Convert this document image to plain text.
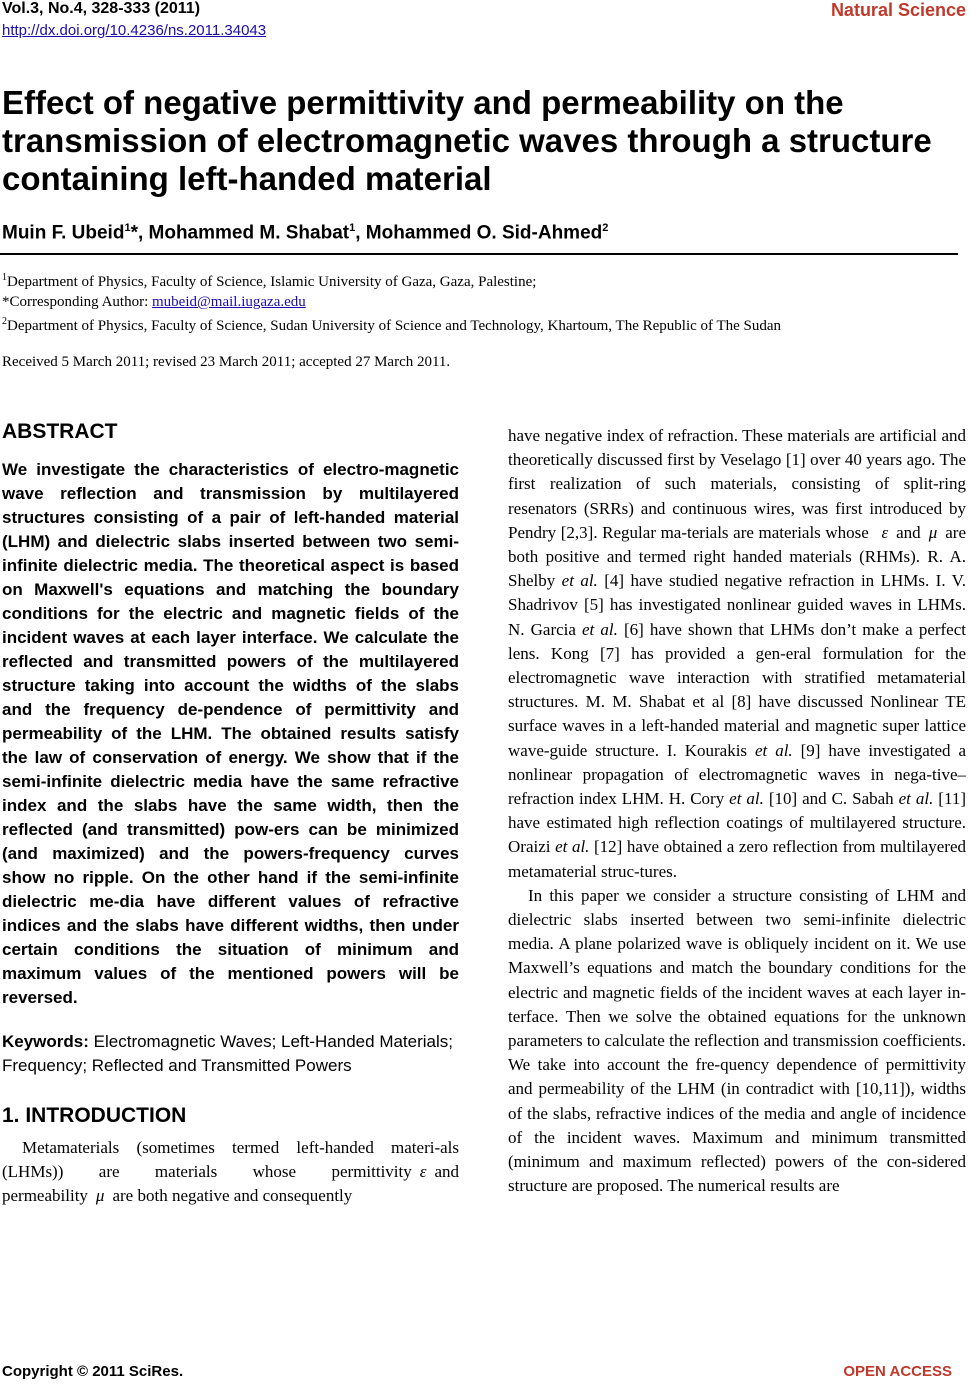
Vol.3, No.4, 328-333 (2011)
http://dx.doi.org/10.4236/ns.2011.34043
Natural Science
Effect of negative permittivity and permeability on the transmission of electromagnetic waves through a structure containing left-handed material
Muin F. Ubeid$^1$*, Mohammed M. Shabat$^1$, Mohammed O. Sid-Ahmed$^2$
$^1$Department of Physics, Faculty of Science, Islamic University of Gaza, Gaza, Palestine;
*Corresponding Author: mubeid@mail.iugaza.edu
$^2$Department of Physics, Faculty of Science, Sudan University of Science and Technology, Khartoum, The Republic of The Sudan
Received 5 March 2011; revised 23 March 2011; accepted 27 March 2011.
ABSTRACT

We investigate the characteristics of electro-magnetic wave reflection and transmission by multilayered structures consisting of a pair of left-handed material (LHM) and dielectric slabs inserted between two semi-infinite dielectric media. The theoretical aspect is based on Maxwell's equations and matching the boundary conditions for the electric and magnetic fields of the incident waves at each layer interface. We calculate the reflected and transmitted powers of the multilayered structure taking into account the widths of the slabs and the frequency de-pendence of permittivity and permeability of the LHM. The obtained results satisfy the law of conservation of energy. We show that if the semi-infinite dielectric media have the same refractive index and the slabs have the same width, then the reflected (and transmitted) pow-ers can be minimized (and maximized) and the powers-frequency curves show no ripple. On the other hand if the semi-infinite dielectric me-dia have different values of refractive indices and the slabs have different widths, then under certain conditions the situation of minimum and maximum values of the mentioned powers will be reversed.

Keywords: Electromagnetic Waves; Left-Handed Materials; Frequency; Reflected and Transmitted Powers
1. INTRODUCTION

Metamaterials (sometimes termed left-handed materi-als (LHMs)) are materials whose permittivity ε and permeability μ are both negative and consequently

have negative index of refraction. These materials are artificial and theoretically discussed first by Veselago [1] over 40 years ago. The first realization of such materials, consisting of split-ring resenators (SRRs) and continuous wires, was first introduced by Pendry [2,3]. Regular ma-terials are materials whose ε and μ are both positive and termed right handed materials (RHMs). R. A. Shelby et al. [4] have studied negative refraction in LHMs. I. V. Shadrivov [5] has investigated nonlinear guided waves in LHMs. N. Garcia et al. [6] have shown that LHMs don’t make a perfect lens. Kong [7] has provided a gen-eral formulation for the electromagnetic wave interaction with stratified metamaterial structures. M. M. Shabat et al [8] have discussed Nonlinear TE surface waves in a left-handed material and magnetic super lattice wave-guide structure. I. Kourakis et al. [9] have investigated a nonlinear propagation of electromagnetic waves in nega-tive–refraction index LHM. H. Cory et al. [10] and C. Sabah et al. [11] have estimated high reflection coatings of multilayered structure. Oraizi et al. [12] have obtained a zero reflection from multilayered metamaterial struc-tures.

In this paper we consider a structure consisting of LHM and dielectric slabs inserted between two semi-infinite dielectric media. A plane polarized wave is obliquely incident on it. We use Maxwell’s equations and match the boundary conditions for the electric and magnetic fields of the incident waves at each layer in-terface. Then we solve the obtained equations for the unknown parameters to calculate the reflection and transmission coefficients. We take into account the fre-quency dependence of permittivity and permeability of the LHM (in contradict with [10,11]), widths of the slabs, refractive indices of the media and angle of incidence of the incident waves. Maximum and minimum transmitted (minimum and maximum reflected) powers of the con-sidered structure are proposed. The numerical results are

Copyright © 2011 SciRes.	OPEN ACCESS
